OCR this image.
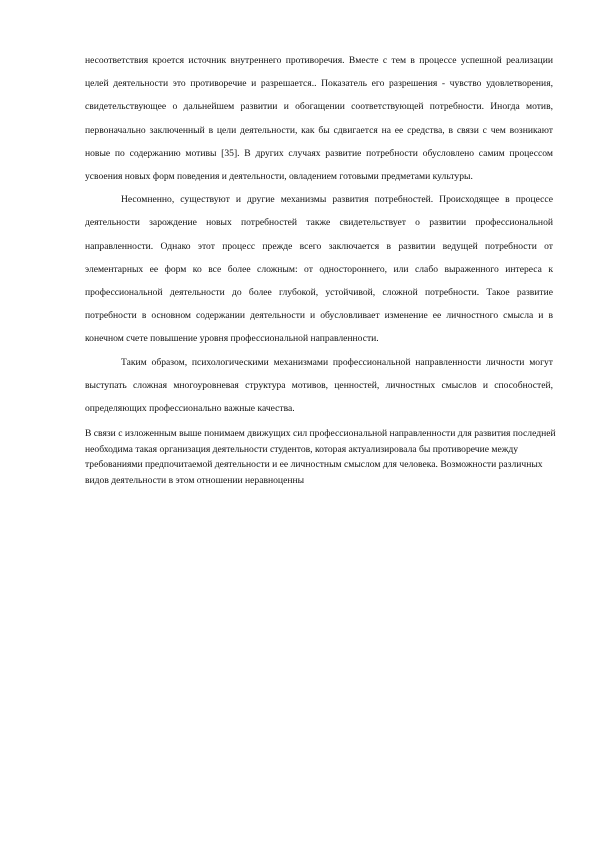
несоответствия кроется источник внутреннего противоречия. Вместе с тем в процессе успешной реализации целей деятельности это противоречие и разрешается.. Показатель его разрешения - чувство удовлетворения, свидетельствующее о дальнейшем развитии и обогащении соответствующей потребности. Иногда мотив, первоначально заключенный в цели деятельности, как бы сдвигается на ее средства, в связи с чем возникают новые по содержанию мотивы [35]. В других случаях развитие потребности обусловлено самим процессом усвоения новых форм поведения и деятельности, овладением готовыми предметами культуры.

Несомненно, существуют и другие механизмы развития потребностей. Происходящее в процессе деятельности зарождение новых потребностей также свидетельствует о развитии профессиональной направленности. Однако этот процесс прежде всего заключается в развитии ведущей потребности от элементарных ее форм ко все более сложным: от одностороннего, или слабо выраженного интереса к профессиональной деятельности до более глубокой, устойчивой, сложной потребности. Такое развитие потребности в основном содержании деятельности и обусловливает изменение ее личностного смысла и в конечном счете повышение уровня профессиональной направленности.

Таким образом, психологическими механизмами профессиональной направленности личности могут выступать сложная многоуровневая структура мотивов, ценностей, личностных смыслов и способностей, определяющих профессионально важные качества.

В связи с изложенным выше понимаем движущих сил профессиональной направленности для развития последней необходима такая организация деятельности студентов, которая актуализировала бы противоречие между требованиями предпочитаемой деятельности и ее личностным смыслом для человека. Возможности различных видов деятельности в этом отношении неравноценны
